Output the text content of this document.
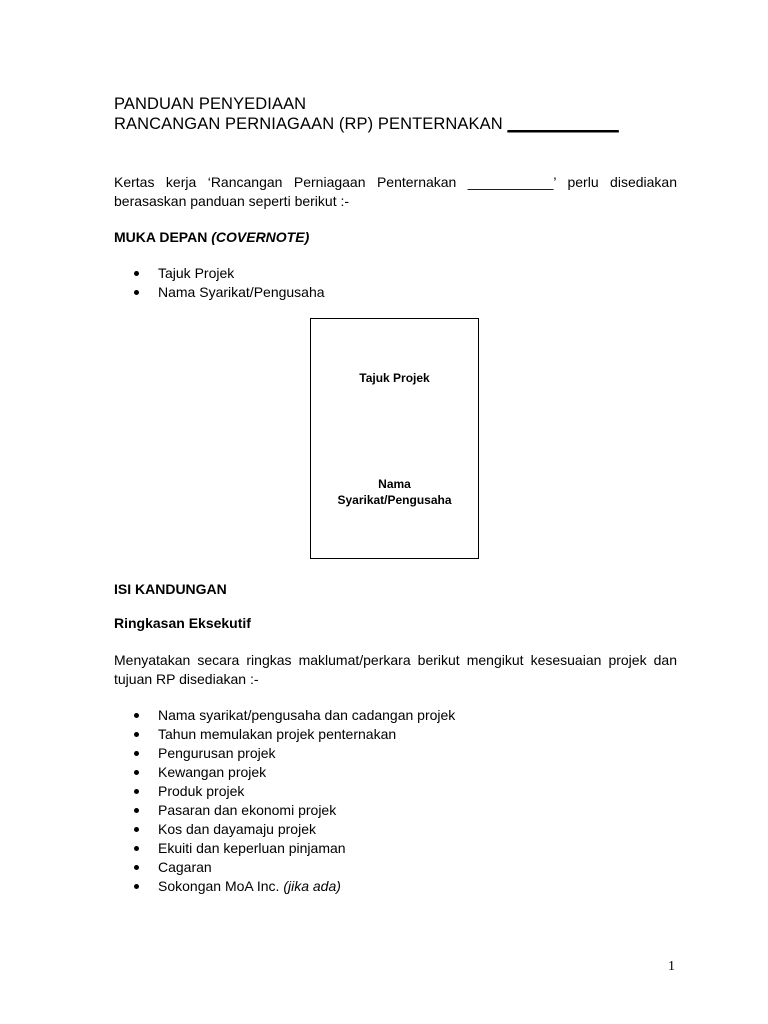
PANDUAN PENYEDIAAN
RANCANGAN PERNIAGAAN (RP) PENTERNAKAN ____________
Kertas kerja ‘Rancangan Perniagaan Penternakan ___________’ perlu disediakan berasaskan panduan seperti berikut :-
MUKA DEPAN (COVERNOTE)
Tajuk Projek
Nama Syarikat/Pengusaha
Tajuk Projek
Nama
Syarikat/Pengusaha
ISI KANDUNGAN
Ringkasan Eksekutif
Menyatakan secara ringkas maklumat/perkara berikut mengikut kesesuaian projek dan tujuan RP disediakan :-
Nama syarikat/pengusaha dan cadangan projek
Tahun memulakan projek penternakan
Pengurusan projek
Kewangan projek
Produk projek
Pasaran dan ekonomi projek
Kos dan dayamaju projek
Ekuiti dan keperluan pinjaman
Cagaran
Sokongan MoA Inc. (jika ada)
1
